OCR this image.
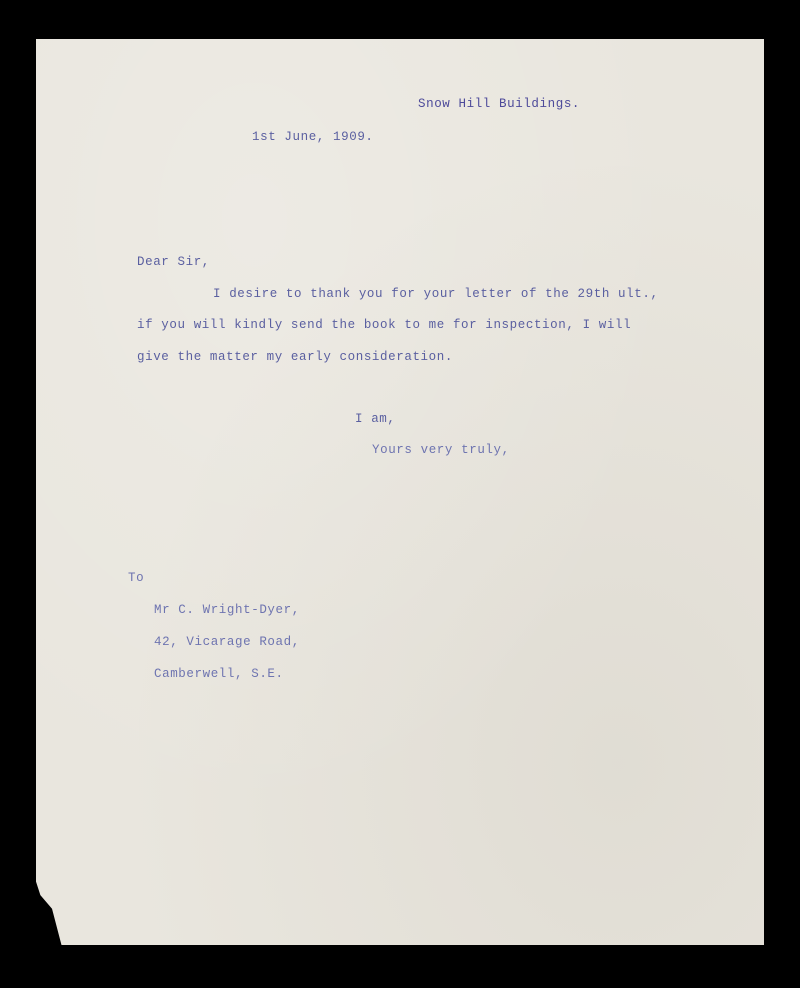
Snow Hill Buildings.
1st June, 1909.
Dear Sir,
I desire to thank you for your letter of the 29th ult.,
if you will kindly send the book to me for inspection, I will
give the matter my early consideration.
I am,
Yours very truly,
To
Mr C. Wright-Dyer,
42, Vicarage Road,
Camberwell, S.E.
